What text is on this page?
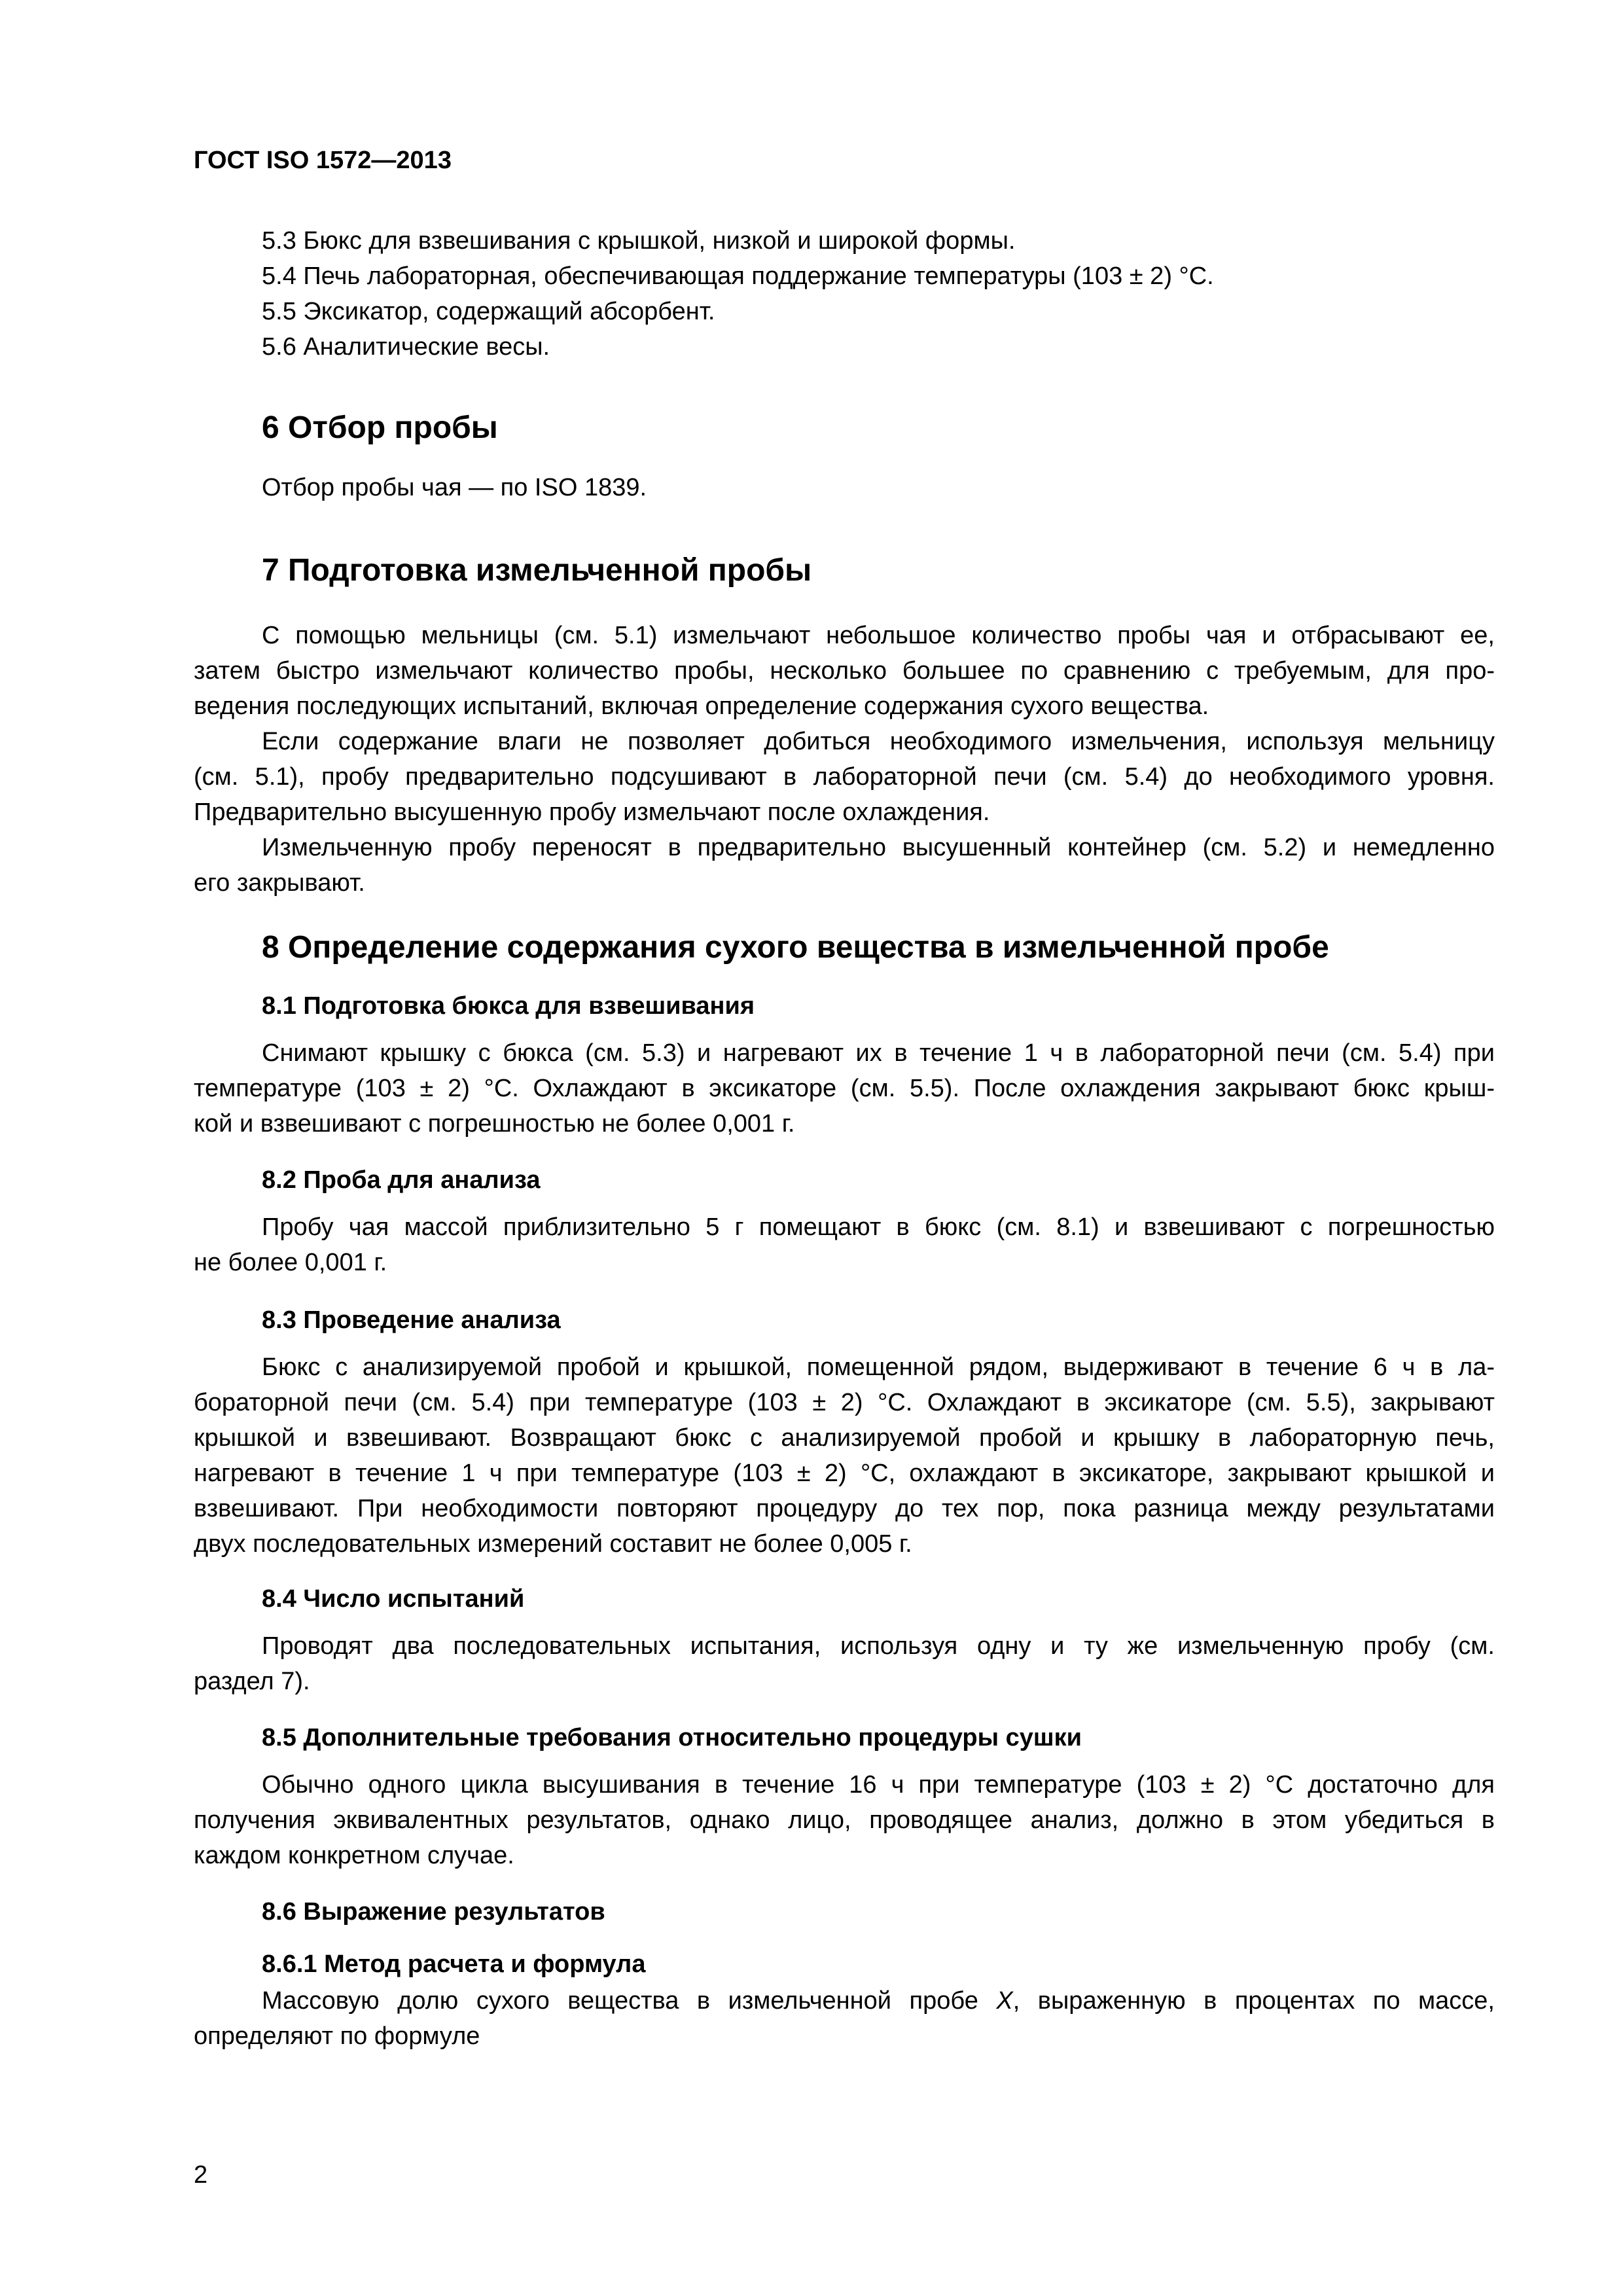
ГОСТ ISO 1572—2013
5.3 Бюкс для взвешивания с крышкой, низкой и широкой формы.
5.4 Печь лабораторная, обеспечивающая поддержание температуры (103 ± 2) °С.
5.5 Эксикатор, содержащий абсорбент.
5.6 Аналитические весы.
6 Отбор пробы
Отбор пробы чая — по ISO 1839.
7 Подготовка измельченной пробы
С помощью мельницы (см. 5.1) измельчают небольшое количество пробы чая и отбрасывают ее,
затем быстро измельчают количество пробы, несколько большее по сравнению с требуемым, для про-
ведения последующих испытаний, включая определение содержания сухого вещества.
Если содержание влаги не позволяет добиться необходимого измельчения, используя мельницу
(см. 5.1), пробу предварительно подсушивают в лабораторной печи (см. 5.4) до необходимого уровня.
Предварительно высушенную пробу измельчают после охлаждения.
Измельченную пробу переносят в предварительно высушенный контейнер (см. 5.2) и немедленно
его закрывают.
8 Определение содержания сухого вещества в измельченной пробе
8.1 Подготовка бюкса для взвешивания
Снимают крышку с бюкса (см. 5.3) и нагревают их в течение 1 ч в лабораторной печи (см. 5.4) при
температуре (103 ± 2) °С. Охлаждают в эксикаторе (см. 5.5). После охлаждения закрывают бюкс крыш-
кой и взвешивают с погрешностью не более 0,001 г.
8.2 Проба для анализа
Пробу чая массой приблизительно 5 г помещают в бюкс (см. 8.1) и взвешивают с погрешностью
не более 0,001 г.
8.3 Проведение анализа
Бюкс с анализируемой пробой и крышкой, помещенной рядом, выдерживают в течение 6 ч в ла-
бораторной печи (см. 5.4) при температуре (103 ± 2) °С. Охлаждают в эксикаторе (см. 5.5), закрывают
крышкой и взвешивают. Возвращают бюкс с анализируемой пробой и крышку в лабораторную печь,
нагревают в течение 1 ч при температуре (103 ± 2) °С, охлаждают в эксикаторе, закрывают крышкой и
взвешивают. При необходимости повторяют процедуру до тех пор, пока разница между результатами
двух последовательных измерений составит не более 0,005 г.
8.4 Число испытаний
Проводят два последовательных испытания, используя одну и ту же измельченную пробу (см.
раздел 7).
8.5 Дополнительные требования относительно процедуры сушки
Обычно одного цикла высушивания в течение 16 ч при температуре (103 ± 2) °С достаточно для
получения эквивалентных результатов, однако лицо, проводящее анализ, должно в этом убедиться в
каждом конкретном случае.
8.6 Выражение результатов
8.6.1 Метод расчета и формула
Массовую долю сухого вещества в измельченной пробе X, выраженную в процентах по массе,
определяют по формуле
2
